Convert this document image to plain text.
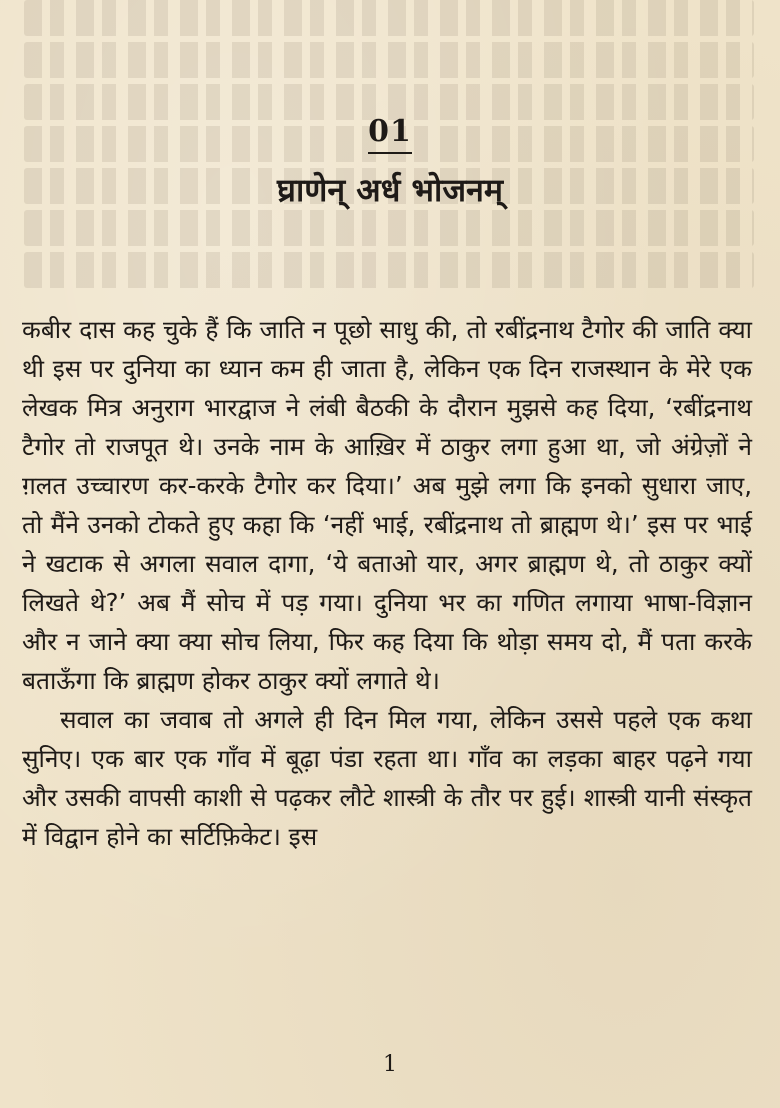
01
घ्राणेन् अर्ध भोजनम्

कबीर दास कह चुके हैं कि जाति न पूछो साधु की, तो रबींद्रनाथ टैगोर की जाति क्या थी इस पर दुनिया का ध्यान कम ही जाता है, लेकिन एक दिन राजस्थान के मेरे एक लेखक मित्र अनुराग भारद्वाज ने लंबी बैठकी के दौरान मुझसे कह दिया, ‘रबींद्रनाथ टैगोर तो राजपूत थे। उनके नाम के आख़िर में ठाकुर लगा हुआ था, जो अंग्रेज़ों ने ग़लत उच्चारण कर-करके टैगोर कर दिया।’ अब मुझे लगा कि इनको सुधारा जाए, तो मैंने उनको टोकते हुए कहा कि ‘नहीं भाई, रबींद्रनाथ तो ब्राह्मण थे।’ इस पर भाई ने खटाक से अगला सवाल दागा, ‘ये बताओ यार, अगर ब्राह्मण थे, तो ठाकुर क्यों लिखते थे?’ अब मैं सोच में पड़ गया। दुनिया भर का गणित लगाया भाषा-विज्ञान और न जाने क्या क्या सोच लिया, फिर कह दिया कि थोड़ा समय दो, मैं पता करके बताऊँगा कि ब्राह्मण होकर ठाकुर क्यों लगाते थे।

सवाल का जवाब तो अगले ही दिन मिल गया, लेकिन उससे पहले एक कथा सुनिए। एक बार एक गाँव में बूढ़ा पंडा रहता था। गाँव का लड़का बाहर पढ़ने गया और उसकी वापसी काशी से पढ़कर लौटे शास्त्री के तौर पर हुई। शास्त्री यानी संस्कृत में विद्वान होने का सर्टिफ़िकेट। इस

1
